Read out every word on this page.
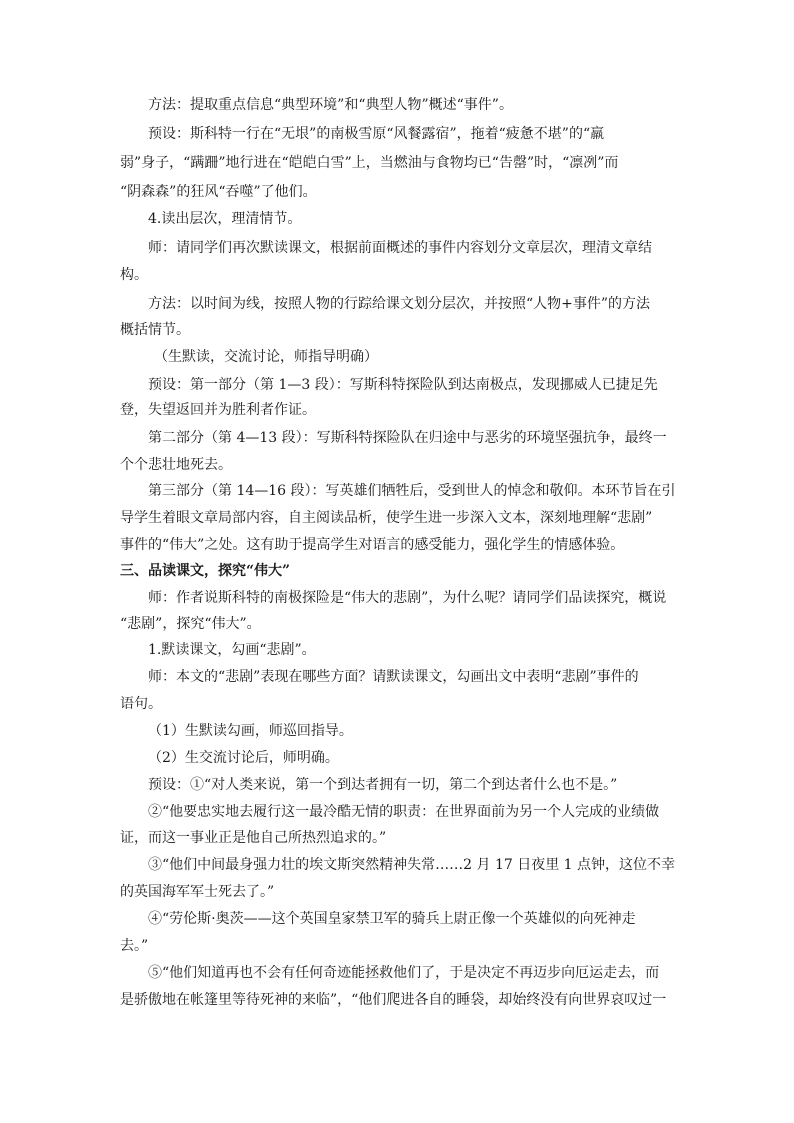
方法：提取重点信息“典型环境”和“典型人物”概述“事件”。
预设：斯科特一行在“无垠”的南极雪原“风餐露宿”，拖着“疲惫不堪”的“羸
弱”身子，“蹒跚”地行进在“皑皑白雪”上，当燃油与食物均已“告罄”时，“凛冽”而
“阴森森”的狂风“吞噬”了他们。
4.读出层次，理清情节。
师：请同学们再次默读课文，根据前面概述的事件内容划分文章层次，理清文章结
构。
方法：以时间为线，按照人物的行踪给课文划分层次，并按照“人物+事件”的方法
概括情节。
（生默读，交流讨论，师指导明确）
预设：第一部分（第 1—3 段）：写斯科特探险队到达南极点，发现挪威人已捷足先
登，失望返回并为胜利者作证。
第二部分（第 4—13 段）：写斯科特探险队在归途中与恶劣的环境坚强抗争，最终一
个个悲壮地死去。
第三部分（第 14—16 段）：写英雄们牺牲后，受到世人的悼念和敬仰。本环节旨在引
导学生着眼文章局部内容，自主阅读品析，使学生进一步深入文本，深刻地理解“悲剧”
事件的“伟大”之处。这有助于提高学生对语言的感受能力，强化学生的情感体验。
三、品读课文，探究“伟大”
师：作者说斯科特的南极探险是“伟大的悲剧”，为什么呢？请同学们品读探究，概说
“悲剧”，探究“伟大”。
1.默读课文，勾画“悲剧”。
师：本文的“悲剧”表现在哪些方面？请默读课文，勾画出文中表明“悲剧”事件的
语句。
（1）生默读勾画，师巡回指导。
（2）生交流讨论后，师明确。
预设：①“对人类来说，第一个到达者拥有一切，第二个到达者什么也不是。”
②“他要忠实地去履行这一最冷酷无情的职责：在世界面前为另一个人完成的业绩做
证，而这一事业正是他自己所热烈追求的。”
③“他们中间最身强力壮的埃文斯突然精神失常……2 月 17 日夜里 1 点钟，这位不幸
的英国海军军士死去了。”
④“劳伦斯·奥茨——这个英国皇家禁卫军的骑兵上尉正像一个英雄似的向死神走
去。”
⑤“他们知道再也不会有任何奇迹能拯救他们了，于是决定不再迈步向厄运走去，而
是骄傲地在帐篷里等待死神的来临”，“他们爬进各自的睡袋，却始终没有向世界哀叹过一
